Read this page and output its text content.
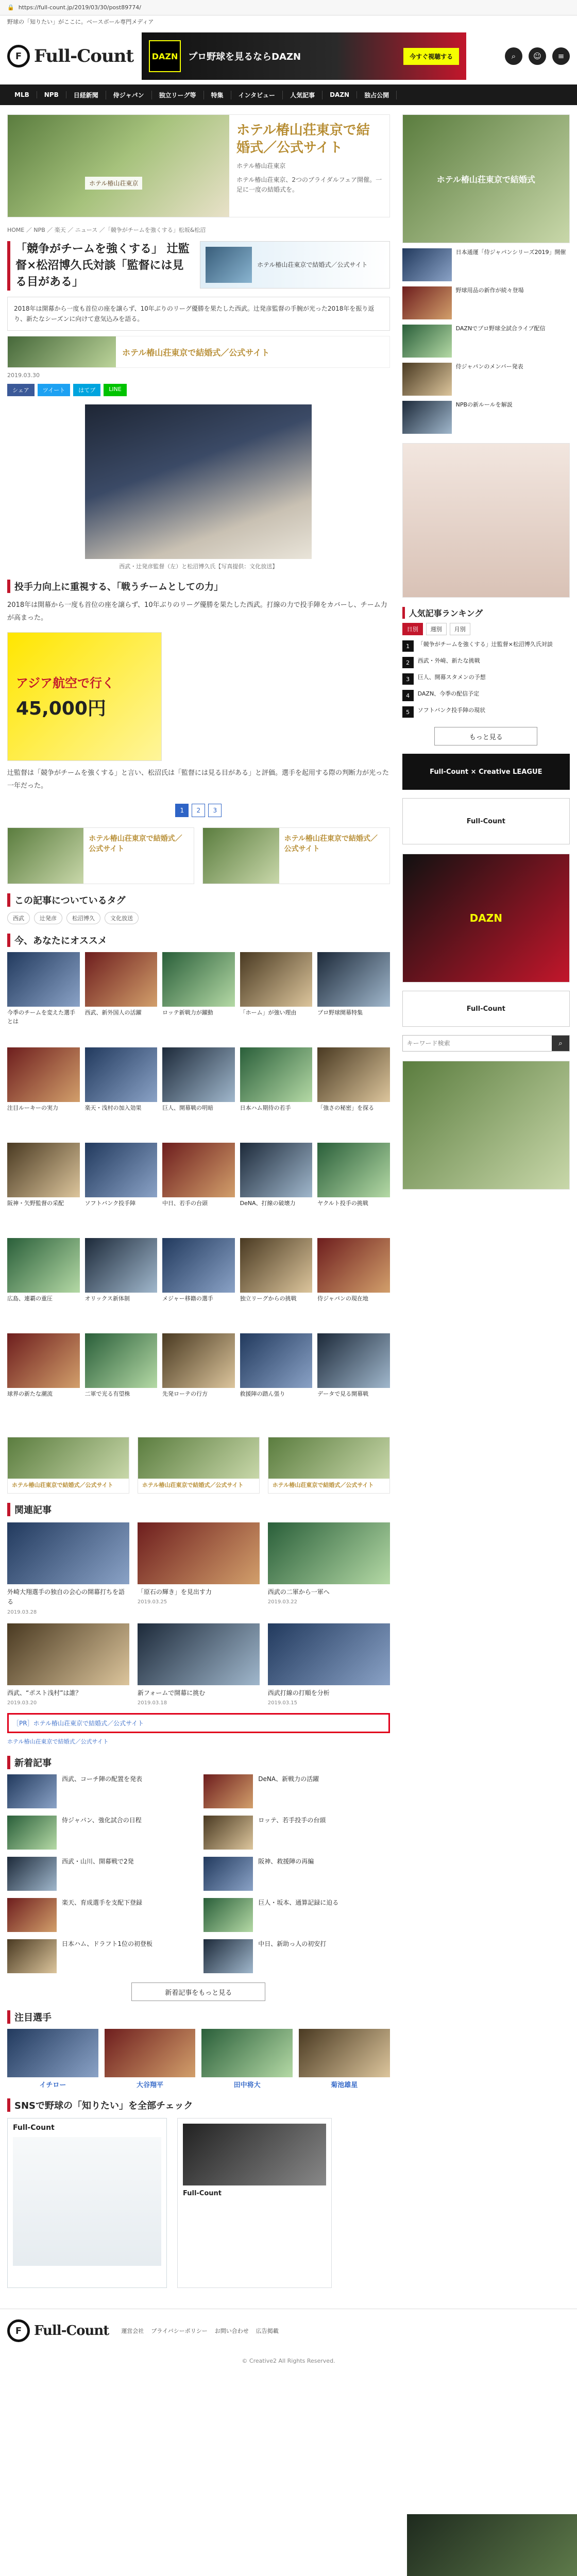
🔒 https://full-count.jp/2019/03/30/post89774/
野球の「知りたい」がここに。ベースボール専門メディア
F Full-Count	DAZN	プロ野球を見るならDAZN	今すぐ視聴する	⌕	☺	≡
MLB	NPB	日経新聞	侍ジャパン	独立リーグ等	特集	インタビュー	人気記事	DAZN	独占公開
ホテル椿山荘東京
ホテル椿山荘東京で結婚式／公式サイト
ホテル椿山荘東京
ホテル椿山荘東京、2つのブライダルフェア開催。一足に一度の結婚式を。
HOME ／ NPB ／ 楽天 ／ ニュース ／「競争がチームを強くする」松坂&松沼
「競争がチームを強くする」 辻監督×松沼博久氏対談「監督には見る目がある」
ホテル椿山荘東京で結婚式／公式サイト
2018年は開幕から一度も首位の座を譲らず、10年ぶりのリーグ優勝を果たした西武。辻発彦監督の手腕が光った2018年を振り返り、新たなシーズンに向けて意気込みを語る。
ホテル椿山荘東京で結婚式／公式サイト
2019.03.30
シェア	ツイート	はてブ	LINE
西武・辻発彦監督（左）と松沼博久氏【写真提供：文化放送】
投手力向上に重視する、「戦うチームとしての力」
2018年は開幕から一度も首位の座を譲らず、10年ぶりのリーグ優勝を果たした西武。打線の力で投手陣をカバーし、チーム力が高まった。
アジア航空で行く
45,000円
辻監督は「競争がチームを強くする」と言い、松沼氏は「監督には見る目がある」と評価。選手を起用する際の判断力が光った一年だった。
1	2	3
ホテル椿山荘東京で結婚式／公式サイト
ホテル椿山荘東京で結婚式／公式サイト
この記事についているタグ
西武	辻発彦	松沼博久	文化放送
今、あなたにオススメ
今季のチームを変えた選手とは
西武、新外国人の活躍	ロッテ新戦力が躍動	「ホーム」が強い理由	プロ野球開幕特集
注目ルーキーの実力	楽天・浅村の加入効果	巨人、開幕戦の明暗	日本ハム期待の若手	「強さの秘密」を探る
阪神・矢野監督の采配	ソフトバンク投手陣	中日、若手の台頭	DeNA、打線の破壊力	ヤクルト投手の挑戦
広島、連覇の重圧	オリックス新体制	メジャー移籍の選手	独立リーグからの挑戦	侍ジャパンの現在地
球界の新たな潮流	二軍で光る有望株	先発ローテの行方	救援陣の踏ん張り	データで見る開幕戦
ホテル椿山荘東京で結婚式／公式サイト	ホテル椿山荘東京で結婚式／公式サイト	ホテル椿山荘東京で結婚式／公式サイト
関連記事
外崎大翔選手の独自の会心の開幕打ちを語る
2019.03.28
「原石の輝き」を見出す力
2019.03.25
西武の二軍から一軍へ
2019.03.22
西武、“ポスト浅村”は誰？
2019.03.20
新フォームで開幕に挑む
2019.03.18
西武打線の打順を分析
2019.03.15
［PR］ホテル椿山荘東京で結婚式／公式サイト
ホテル椿山荘東京で結婚式／公式サイト
新着記事
西武、コーチ陣の配置を発表	DeNA、新戦力の活躍
侍ジャパン、強化試合の日程	ロッテ、若手投手の台頭
西武・山川、開幕戦で2発	阪神、救援陣の再編
楽天、育成選手を支配下登録	巨人・坂本、通算記録に迫る
日本ハム、ドラフト1位の初登板	中日、新助っ人の初安打
新着記事をもっと見る
注目選手
イチロー	大谷翔平	田中将大	菊池雄星
SNSで野球の「知りたい」を全部チェック
Full-Count
Full-Count
ホテル椿山荘東京で結婚式
日本通運「侍ジャパンシリーズ2019」開催
野球用品の新作が続々登場
DAZNでプロ野球全試合ライブ配信
侍ジャパンのメンバー発表
NPBの新ルールを解説
人気記事ランキング
日別	週別	月別
1	「競争がチームを強くする」辻監督×松沼博久氏対談
2	西武・外崎、新たな挑戦
3	巨人、開幕スタメンの予想
4	DAZN、今季の配信予定
5	ソフトバンク投手陣の現状
もっと見る
Full-Count × Creative LEAGUE
Full-Count
DAZN
Full-Count
キーワード検索
⌕
F Full-Count 運営会社 プライバシーポリシー お問い合わせ 広告掲載
© Creative2 All Rights Reserved.
